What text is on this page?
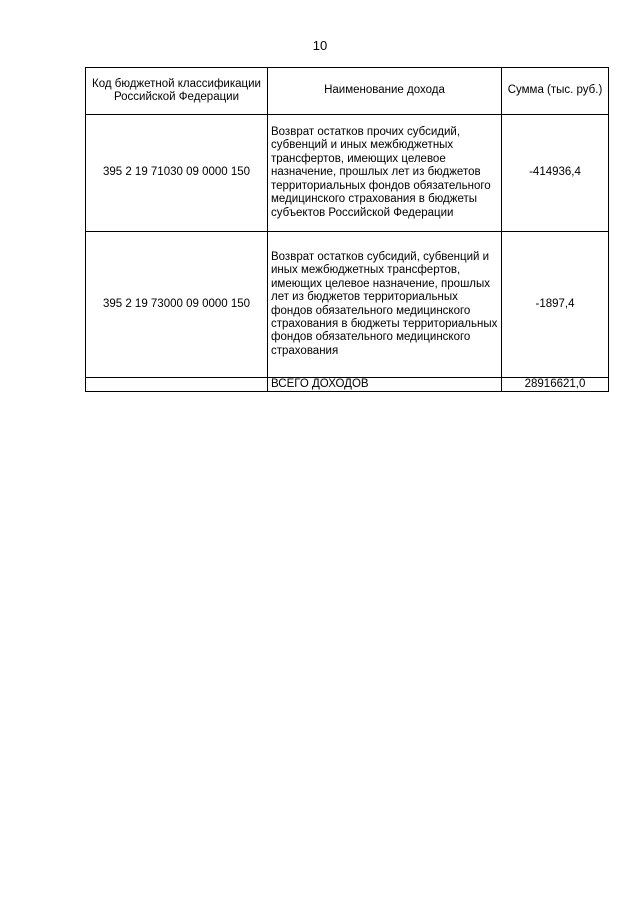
10
Код бюджетной классификации Российской Федерации	Наименование дохода	Сумма (тыс. руб.)
395 2 19 71030 09 0000 150	Возврат остатков прочих субсидий, субвенций и иных межбюджетных трансфертов, имеющих целевое назначение, прошлых лет из бюджетов территориальных фондов обязательного медицинского страхования в бюджеты субъектов Российской Федерации	-414936,4
395 2 19 73000 09 0000 150	Возврат остатков субсидий, субвенций и иных межбюджетных трансфертов, имеющих целевое назначение, прошлых лет из бюджетов территориальных фондов обязательного медицинского страхования в бюджеты территориальных фондов обязательного медицинского страхования	-1897,4
	ВСЕГО ДОХОДОВ	28916621,0
